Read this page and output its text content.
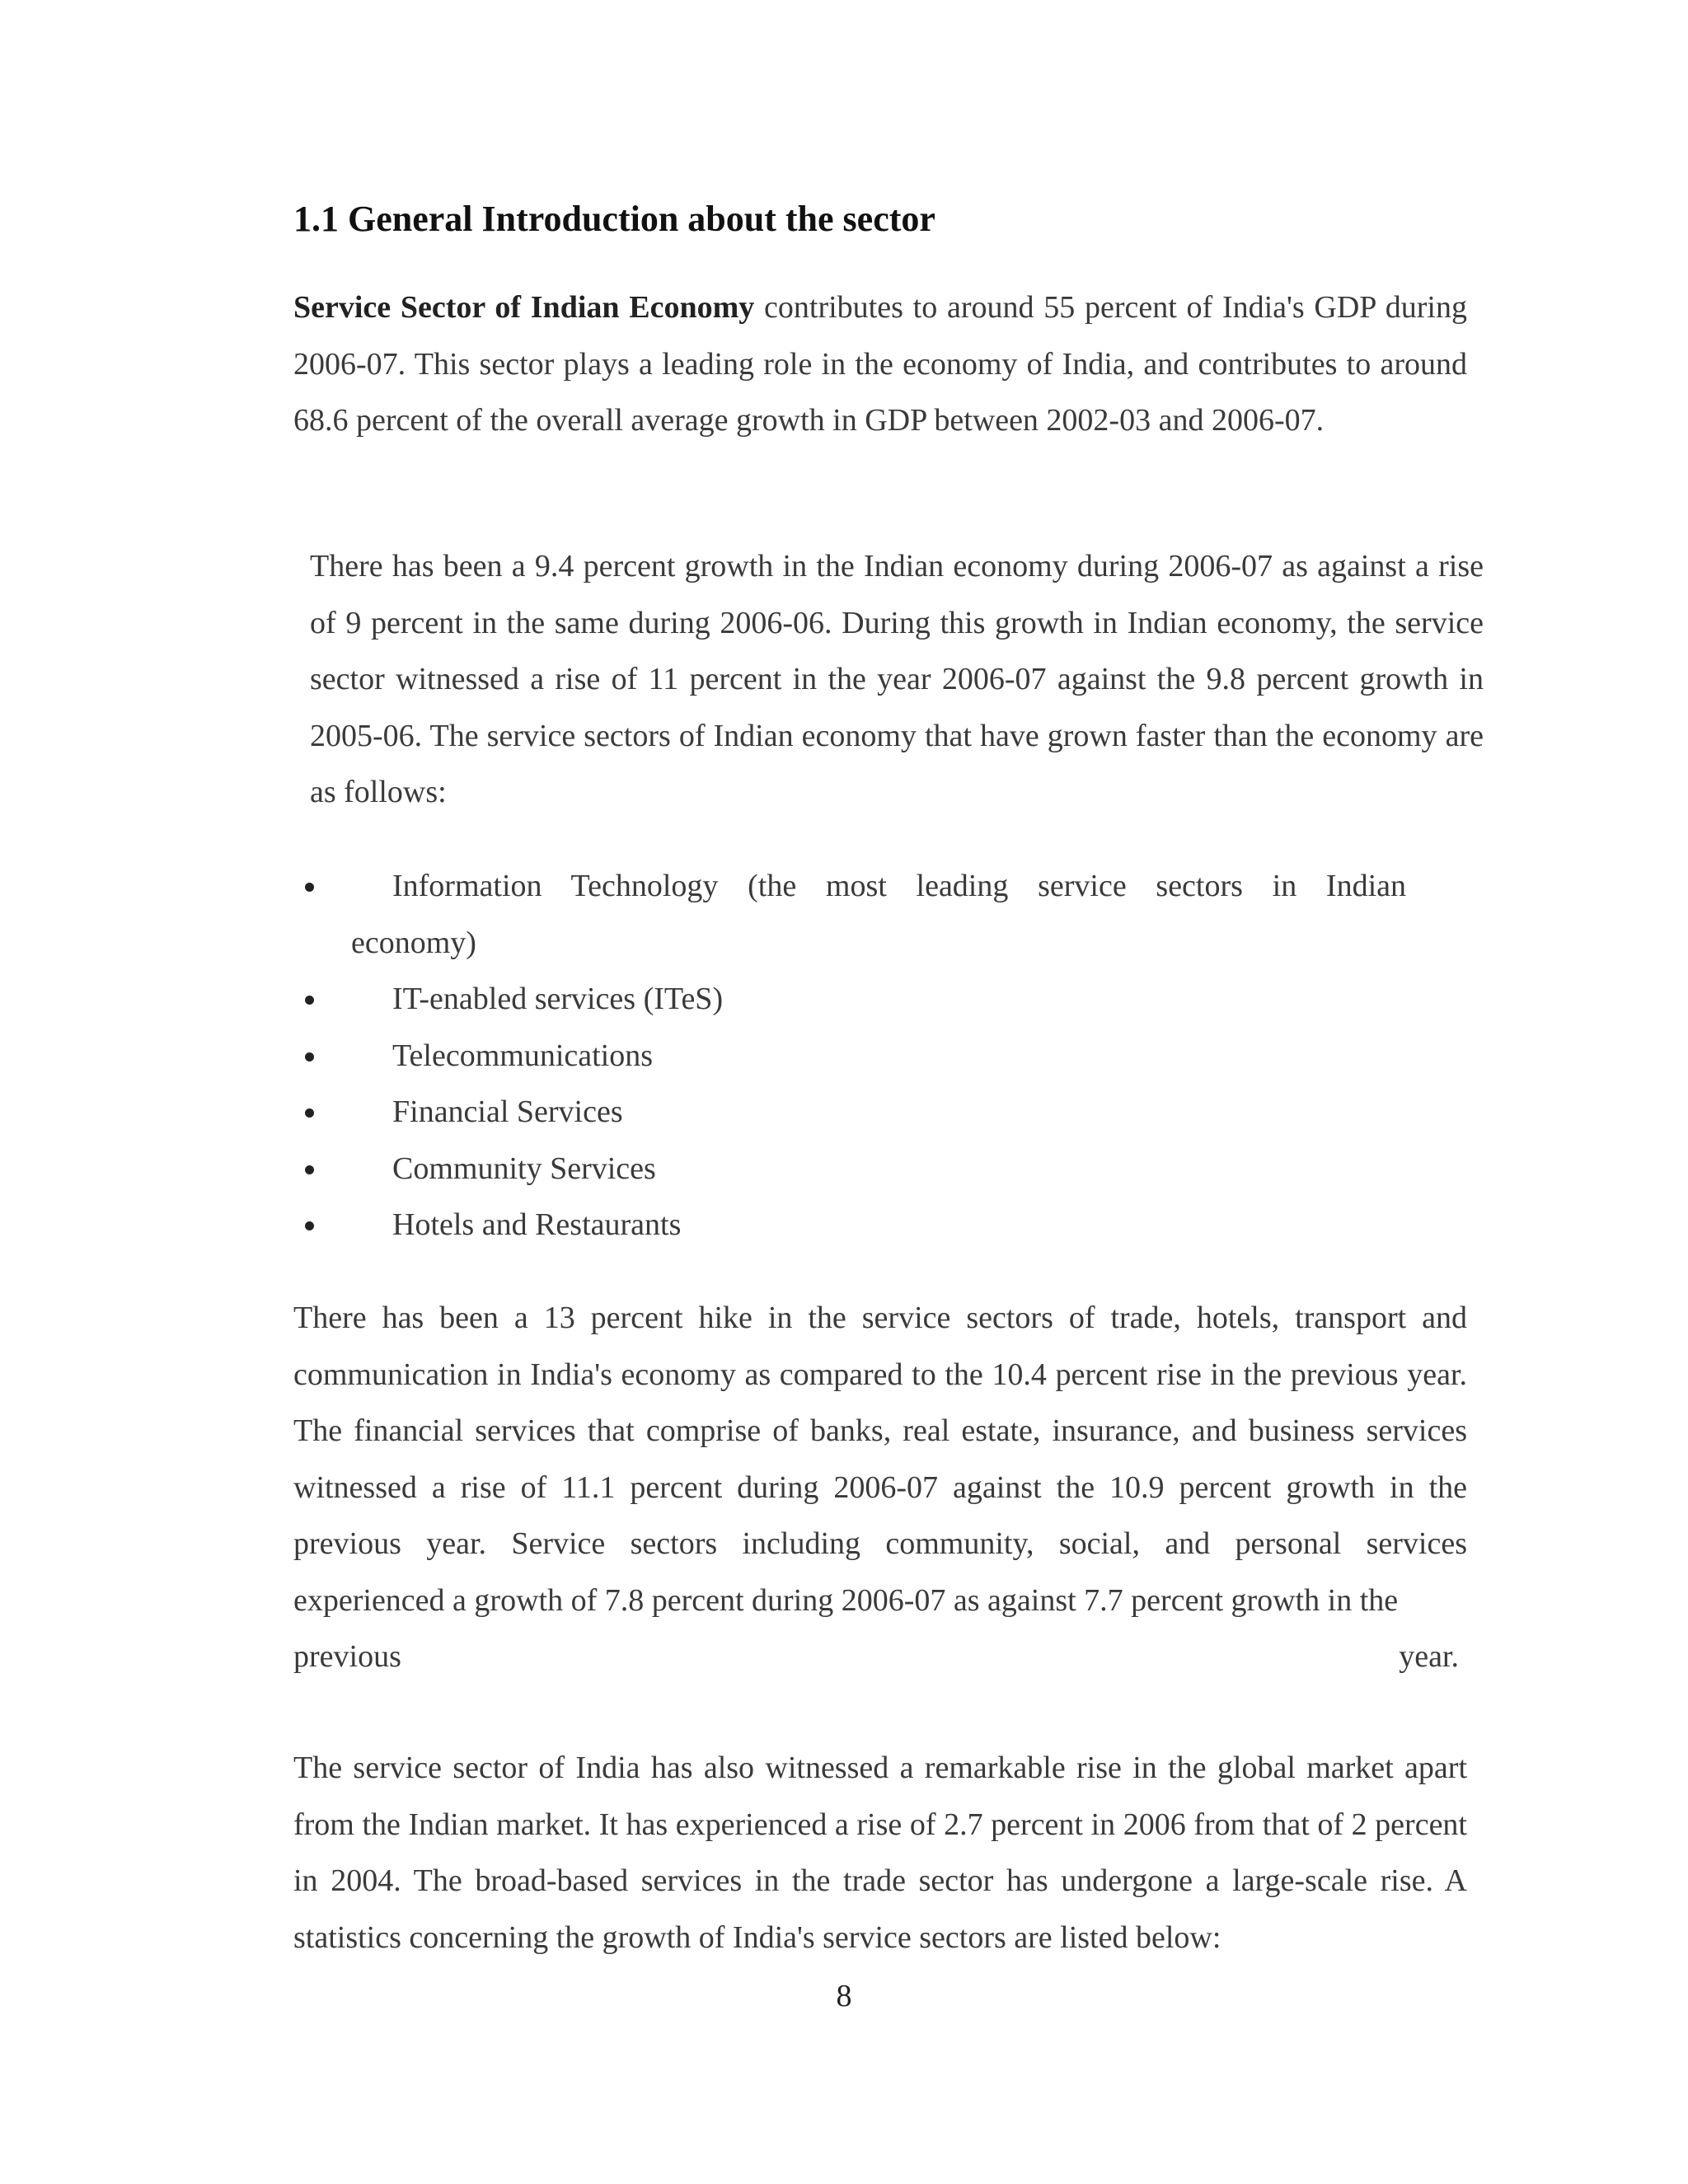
1.1 General Introduction about the sector

Service Sector of Indian Economy contributes to around 55 percent of India's GDP during 2006-07. This sector plays a leading role in the economy of India, and contributes to around 68.6 percent of the overall average growth in GDP between 2002-03 and 2006-07.

There has been a 9.4 percent growth in the Indian economy during 2006-07 as against a rise of 9 percent in the same during 2006-06. During this growth in Indian economy, the service sector witnessed a rise of 11 percent in the year 2006-07 against the 9.8 percent growth in 2005-06. The service sectors of Indian economy that have grown faster than the economy are as follows:

Information Technology (the most leading service sectors in Indian
economy)
IT-enabled services (ITeS)
Telecommunications
Financial Services
Community Services
Hotels and Restaurants
There has been a 13 percent hike in the service sectors of trade, hotels, transport and communication in India's economy as compared to the 10.4 percent rise in the previous year. The financial services that comprise of banks, real estate, insurance, and business services witnessed a rise of 11.1 percent during 2006-07 against the 10.9 percent growth in the previous year. Service sectors including community, social, and personal services experienced a growth of 7.8 percent during 2006-07 as against 7.7 percent growth in the
previous	year.

The service sector of India has also witnessed a remarkable rise in the global market apart from the Indian market. It has experienced a rise of 2.7 percent in 2006 from that of 2 percent in 2004. The broad-based services in the trade sector has undergone a large-scale rise. A statistics concerning the growth of India's service sectors are listed below:

8
